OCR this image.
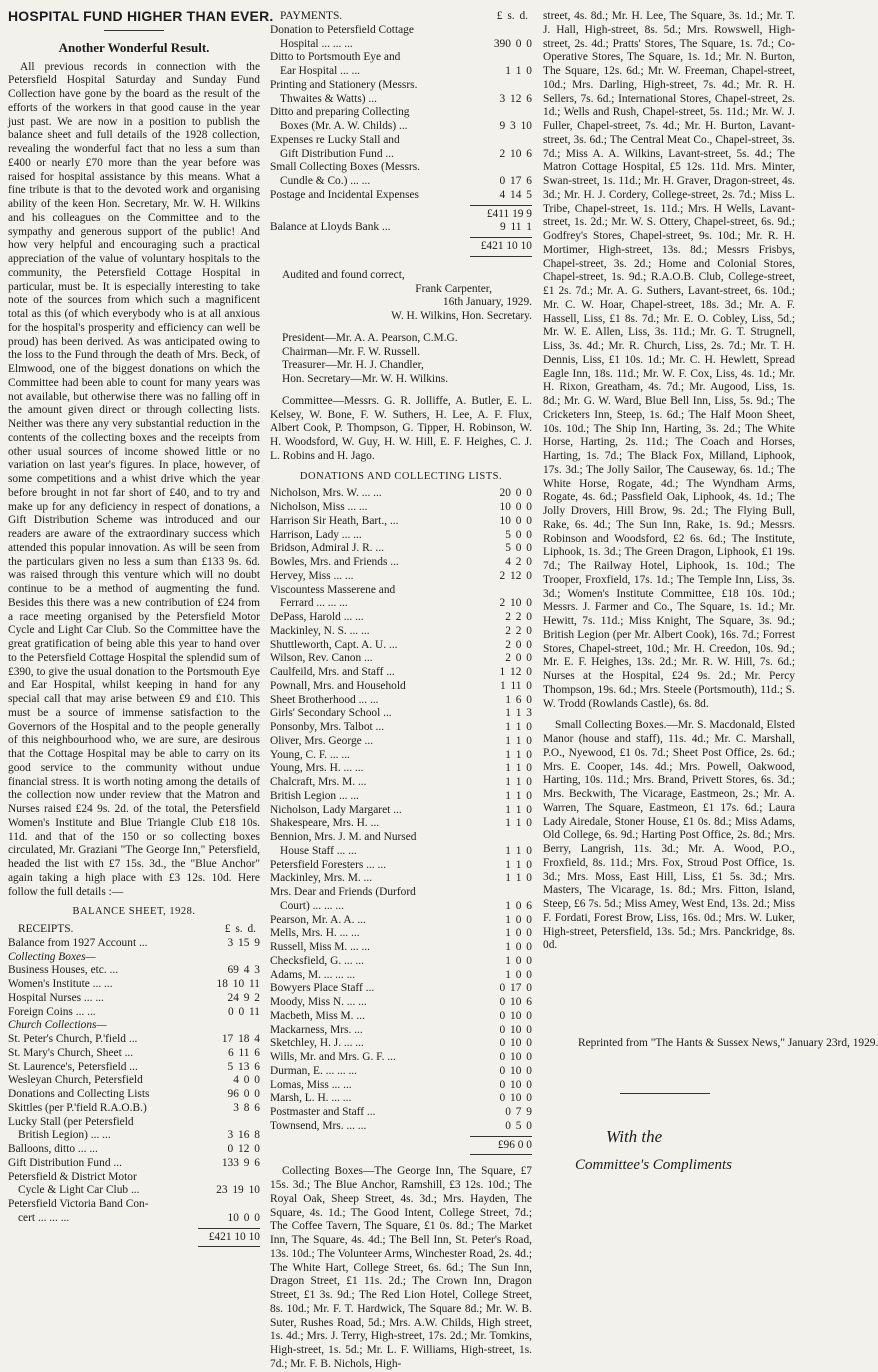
HOSPITAL FUND HIGHER THAN EVER.
Another Wonderful Result.

All previous records in connection with the Petersfield Hospital Saturday and Sunday Fund Collection have gone by the board as the result of the efforts of the workers in that good cause in the year just past. We are now in a position to publish the balance sheet and full details of the 1928 collection, revealing the wonderful fact that no less a sum than £400 or nearly £70 more than the year before was raised for hospital assistance by this means. What a fine tribute is that to the devoted work and organising ability of the keen Hon. Secretary, Mr. W. H. Wilkins and his colleagues on the Committee and to the sympathy and generous support of the public! And how very helpful and encouraging such a practical appreciation of the value of voluntary hospitals to the community, the Petersfield Cottage Hospital in particular, must be. It is especially interesting to take note of the sources from which such a magnificent total as this (of which everybody who is at all anxious for the hospital's prosperity and efficiency can well be proud) has been derived. As was anticipated owing to the loss to the Fund through the death of Mrs. Beck, of Elmwood, one of the biggest donations on which the Committee had been able to count for many years was not available, but otherwise there was no falling off in the amount given direct or through collecting lists. Neither was there any very substantial reduction in the contents of the collecting boxes and the receipts from other usual sources of income showed little or no variation on last year's figures. In place, however, of some competitions and a whist drive which the year before brought in not far short of £40, and to try and make up for any deficiency in respect of donations, a Gift Distribution Scheme was introduced and our readers are aware of the extraordinary success which attended this popular innovation. As will be seen from the particulars given no less a sum than £133 9s. 6d. was raised through this venture which will no doubt continue to be a method of augmenting the fund. Besides this there was a new contribution of £24 from a race meeting organised by the Petersfield Motor Cycle and Light Car Club. So the Committee have the great gratification of being able this year to hand over to the Petersfield Cottage Hospital the splendid sum of £390, to give the usual donation to the Portsmouth Eye and Ear Hospital, whilst keeping in hand for any special call that may arise between £9 and £10. This must be a source of immense satisfaction to the Governors of the Hospital and to the people generally of this neighbourhood who, we are sure, are desirous that the Cottage Hospital may be able to carry on its good service to the community without undue financial stress. It is worth noting among the details of the collection now under review that the Matron and Nurses raised £24 9s. 2d. of the total, the Petersfield Women's Institute and Blue Triangle Club £18 10s. 11d. and that of the 150 or so collecting boxes circulated, Mr. Graziani "The George Inn," Petersfield, headed the list with £7 15s. 3d., the "Blue Anchor" again taking a high place with £3 12s. 10d. Here follow the full details :—

BALANCE SHEET, 1928.
RECEIPTS.	£ s. d.
Balance from 1927 Account ...	3 15 9
Collecting Boxes—
Business Houses, etc. ...	69 4 3
Women's Institute ... ...	18 10 11
Hospital Nurses ... ...	24 9 2
Foreign Coins ... ...	0 0 11
Church Collections—
St. Peter's Church, P.'field ...	17 18 4
St. Mary's Church, Sheet ...	6 11 6
St. Laurence's, Petersfield ...	5 13 6
Wesleyan Church, Petersfield	4 0 0
Donations and Collecting Lists	96 0 0
Skittles (per P.'field R.A.O.B.)	3 8 6
Lucky Stall (per Petersfield
British Legion) ... ...	3 16 8
Balloons, ditto ... ...	0 12 0
Gift Distribution Fund ...	133 9 6
Petersfield & District Motor
Cycle & Light Car Club ...	23 19 10
Petersfield Victoria Band Con-
cert ... ... ...	10 0 0

£421 10 10

PAYMENTS.	£ s. d.
Donation to Petersfield Cottage
Hospital ... ... ...	390 0 0
Ditto to Portsmouth Eye and
Ear Hospital ... ...	1 1 0
Printing and Stationery (Messrs.
Thwaites & Watts) ...	3 12 6
Ditto and preparing Collecting
Boxes (Mr. A. W. Childs) ...	9 3 10
Expenses re Lucky Stall and
Gift Distribution Fund ...	2 10 6
Small Collecting Boxes (Messrs.
Cundle & Co.) ... ...	0 17 6
Postage and Incidental Expenses	4 14 5

£411 19 9

Balance at Lloyds Bank ...	9 11 1

£421 10 10

Audited and found correct,

Frank Carpenter,

16th January, 1929.

W. H. Wilkins, Hon. Secretary.

President—Mr. A. A. Pearson, C.M.G.

Chairman—Mr. F. W. Russell.

Treasurer—Mr. H. J. Chandler,

Hon. Secretary—Mr. W. H. Wilkins.

Committee—Messrs. G. R. Jolliffe, A. Butler, E. L. Kelsey, W. Bone, F. W. Suthers, H. Lee, A. F. Flux, Albert Cook, P. Thompson, G. Tipper, H. Robinson, W. H. Woodsford, W. Guy, H. W. Hill, E. F. Heighes, C. J. L. Robins and H. Jago.

DONATIONS AND COLLECTING LISTS.
Nicholson, Mrs. W. ... ...	20 0 0
Nicholson, Miss ... ...	10 0 0
Harrison Sir Heath, Bart., ...	10 0 0
Harrison, Lady ... ...	5 0 0
Bridson, Admiral J. R. ...	5 0 0
Bowles, Mrs. and Friends ...	4 2 0
Hervey, Miss ... ...	2 12 0
Viscountess Masserene and
Ferrard ... ... ...	2 10 0
DePass, Harold ... ...	2 2 0
Mackinley, N. S. ... ...	2 2 0
Shuttleworth, Capt. A. U. ...	2 0 0
Wilson, Rev. Canon ...	2 0 0
Caulfeild, Mrs. and Staff ...	1 12 0
Pownall, Mrs. and Household	1 11 0
Sheet Brotherhood ... ...	1 6 0
Girls' Secondary School ...	1 1 3
Ponsonby, Mrs. Talbot ...	1 1 0
Oliver, Mrs. George ...	1 1 0
Young, C. F. ... ...	1 1 0
Young, Mrs. H. ... ...	1 1 0
Chalcraft, Mrs. M. ...	1 1 0
British Legion ... ...	1 1 0
Nicholson, Lady Margaret ...	1 1 0
Shakespeare, Mrs. H. ...	1 1 0
Bennion, Mrs. J. M. and Nursed
House Staff ... ...	1 1 0
Petersfield Foresters ... ...	1 1 0
Mackinley, Mrs. M. ...	1 1 0
Mrs. Dear and Friends (Durford
Court) ... ... ...	1 0 6
Pearson, Mr. A. A. ...	1 0 0
Mells, Mrs. H. ... ...	1 0 0
Russell, Miss M. ... ...	1 0 0
Checksfield, G. ... ...	1 0 0
Adams, M. ... ... ...	1 0 0
Bowyers Place Staff ...	0 17 0
Moody, Miss N. ... ...	0 10 6
Macbeth, Miss M. ...	0 10 0
Mackarness, Mrs. ...	0 10 0
Sketchley, H. J. ... ...	0 10 0
Wills, Mr. and Mrs. G. F. ...	0 10 0
Durman, E. ... ... ...	0 10 0
Lomas, Miss ... ...	0 10 0
Marsh, L. H. ... ...	0 10 0
Postmaster and Staff ...	0 7 9
Townsend, Mrs. ... ...	0 5 0

£96 0 0

Collecting Boxes—The George Inn, The Square, £7 15s. 3d.; The Blue Anchor, Ramshill, £3 12s. 10d.; The Royal Oak, Sheep Street, 4s. 3d.; Mrs. Hayden, The Square, 4s. 1d.; The Good Intent, College Street, 7d.; The Coffee Tavern, The Square, £1 0s. 8d.; The Market Inn, The Square, 4s. 4d.; The Bell Inn, St. Peter's Road, 13s. 10d.; The Volunteer Arms, Winchester Road, 2s. 4d.; The White Hart, College Street, 6s. 6d.; The Sun Inn, Dragon Street, £1 11s. 2d.; The Crown Inn, Dragon Street, £1 3s. 9d.; The Red Lion Hotel, College Street, 8s. 10d.; Mr. F. T. Hardwick, The Square 8d.; Mr. W. B. Suter, Rushes Road, 5d.; Mrs. A.W. Childs, High street, 1s. 4d.; Mrs. J. Terry, High-street, 17s. 2d.; Mr. Tomkins, High-street, 1s. 5d.; Mr. L. F. Williams, High-street, 1s. 7d.; Mr. F. B. Nichols, High-

street, 4s. 8d.; Mr. H. Lee, The Square, 3s. 1d.; Mr. T. J. Hall, High-street, 8s. 5d.; Mrs. Rowswell, High-street, 2s. 4d.; Pratts' Stores, The Square, 1s. 7d.; Co-Operative Stores, The Square, 1s. 1d.; Mr. N. Burton, The Square, 12s. 6d.; Mr. W. Freeman, Chapel-street, 10d.; Mrs. Darling, High-street, 7s. 4d.; Mr. R. H. Sellers, 7s. 6d.; International Stores, Chapel-street, 2s. 1d.; Wells and Rush, Chapel-street, 5s. 11d.; Mr. W. J. Fuller, Chapel-street, 7s. 4d.; Mr. H. Burton, Lavant-street, 3s. 6d.; The Central Meat Co., Chapel-street, 3s. 7d.; Miss A. A. Wilkins, Lavant-street, 5s. 4d.; The Matron Cottage Hospital, £5 12s. 11d. Mrs. Minter, Swan-street, 1s. 11d.; Mr. H. Graver, Dragon-street, 4s. 3d.; Mr. H. J. Cordery, College-street, 2s. 7d.; Miss L. Tribe, Chapel-street, 1s. 11d.; Mrs. H Wells, Lavant-street, 1s. 2d.; Mr. W. S. Ottery, Chapel-street, 6s. 9d.; Godfrey's Stores, Chapel-street, 9s. 10d.; Mr. R. H. Mortimer, High-street, 13s. 8d.; Messrs Frisbys, Chapel-street, 3s. 2d.; Home and Colonial Stores, Chapel-street, 1s. 9d.; R.A.O.B. Club, College-street, £1 2s. 7d.; Mr. A. G. Suthers, Lavant-street, 6s. 10d.; Mr. C. W. Hoar, Chapel-street, 18s. 3d.; Mr. A. F. Hassell, Liss, £1 8s. 7d.; Mr. E. O. Cobley, Liss, 5d.; Mr. W. E. Allen, Liss, 3s. 11d.; Mr. G. T. Strugnell, Liss, 3s. 4d.; Mr. R. Church, Liss, 2s. 7d.; Mr. T. H. Dennis, Liss, £1 10s. 1d.; Mr. C. H. Hewlett, Spread Eagle Inn, 18s. 11d.; Mr. W. F. Cox, Liss, 4s. 1d.; Mr. H. Rixon, Greatham, 4s. 7d.; Mr. Augood, Liss, 1s. 8d.; Mr. G. W. Ward, Blue Bell Inn, Liss, 5s. 9d.; The Cricketers Inn, Steep, 1s. 6d.; The Half Moon Sheet, 10s. 10d.; The Ship Inn, Harting, 3s. 2d.; The White Horse, Harting, 2s. 11d.; The Coach and Horses, Harting, 1s. 7d.; The Black Fox, Milland, Liphook, 17s. 3d.; The Jolly Sailor, The Causeway, 6s. 1d.; The White Horse, Rogate, 4d.; The Wyndham Arms, Rogate, 4s. 6d.; Passfield Oak, Liphook, 4s. 1d.; The Jolly Drovers, Hill Brow, 9s. 2d.; The Flying Bull, Rake, 6s. 4d.; The Sun Inn, Rake, 1s. 9d.; Messrs. Robinson and Woodsford, £2 6s. 6d.; The Institute, Liphook, 1s. 3d.; The Green Dragon, Liphook, £1 19s. 7d.; The Railway Hotel, Liphook, 1s. 10d.; The Trooper, Froxfield, 17s. 1d.; The Temple Inn, Liss, 3s. 3d.; Women's Institute Committee, £18 10s. 10d.; Messrs. J. Farmer and Co., The Square, 1s. 1d.; Mr. Hewitt, 7s. 11d.; Miss Knight, The Square, 3s. 9d.; British Legion (per Mr. Albert Cook), 16s. 7d.; Forrest Stores, Chapel-street, 10d.; Mr. H. Creedon, 10s. 9d.; Mr. E. F. Heighes, 13s. 2d.; Mr. R. W. Hill, 7s. 6d.; Nurses at the Hospital, £24 9s. 2d.; Mr. Percy Thompson, 19s. 6d.; Mrs. Steele (Portsmouth), 11d.; S. W. Trodd (Rowlands Castle), 6s. 8d.

Small Collecting Boxes.—Mr. S. Macdonald, Elsted Manor (house and staff), 11s. 4d.; Mr. C. Marshall, P.O., Nyewood, £1 0s. 7d.; Sheet Post Office, 2s. 6d.; Mrs. E. Cooper, 14s. 4d.; Mrs. Powell, Oakwood, Harting, 10s. 11d.; Mrs. Brand, Privett Stores, 6s. 3d.; Mrs. Beckwith, The Vicarage, Eastmeon, 2s.; Mr. A. Warren, The Square, Eastmeon, £1 17s. 6d.; Laura Lady Airedale, Stoner House, £1 0s. 8d.; Miss Adams, Old College, 6s. 9d.; Harting Post Office, 2s. 8d.; Mrs. Berry, Langrish, 11s. 3d.; Mr. A. Wood, P.O., Froxfield, 8s. 11d.; Mrs. Fox, Stroud Post Office, 1s. 3d.; Mrs. Moss, East Hill, Liss, £1 5s. 3d.; Mrs. Masters, The Vicarage, 1s. 8d.; Mrs. Fitton, Island, Steep, £6 7s. 5d.; Miss Amey, West End, 13s. 2d.; Miss F. Fordati, Forest Brow, Liss, 16s. 0d.; Mrs. W. Luker, High-street, Petersfield, 13s. 5d.; Mrs. Panckridge, 8s. 0d.

Reprinted from "The Hants & Sussex News," January 23rd, 1929.
With the
Committee's Compliments
